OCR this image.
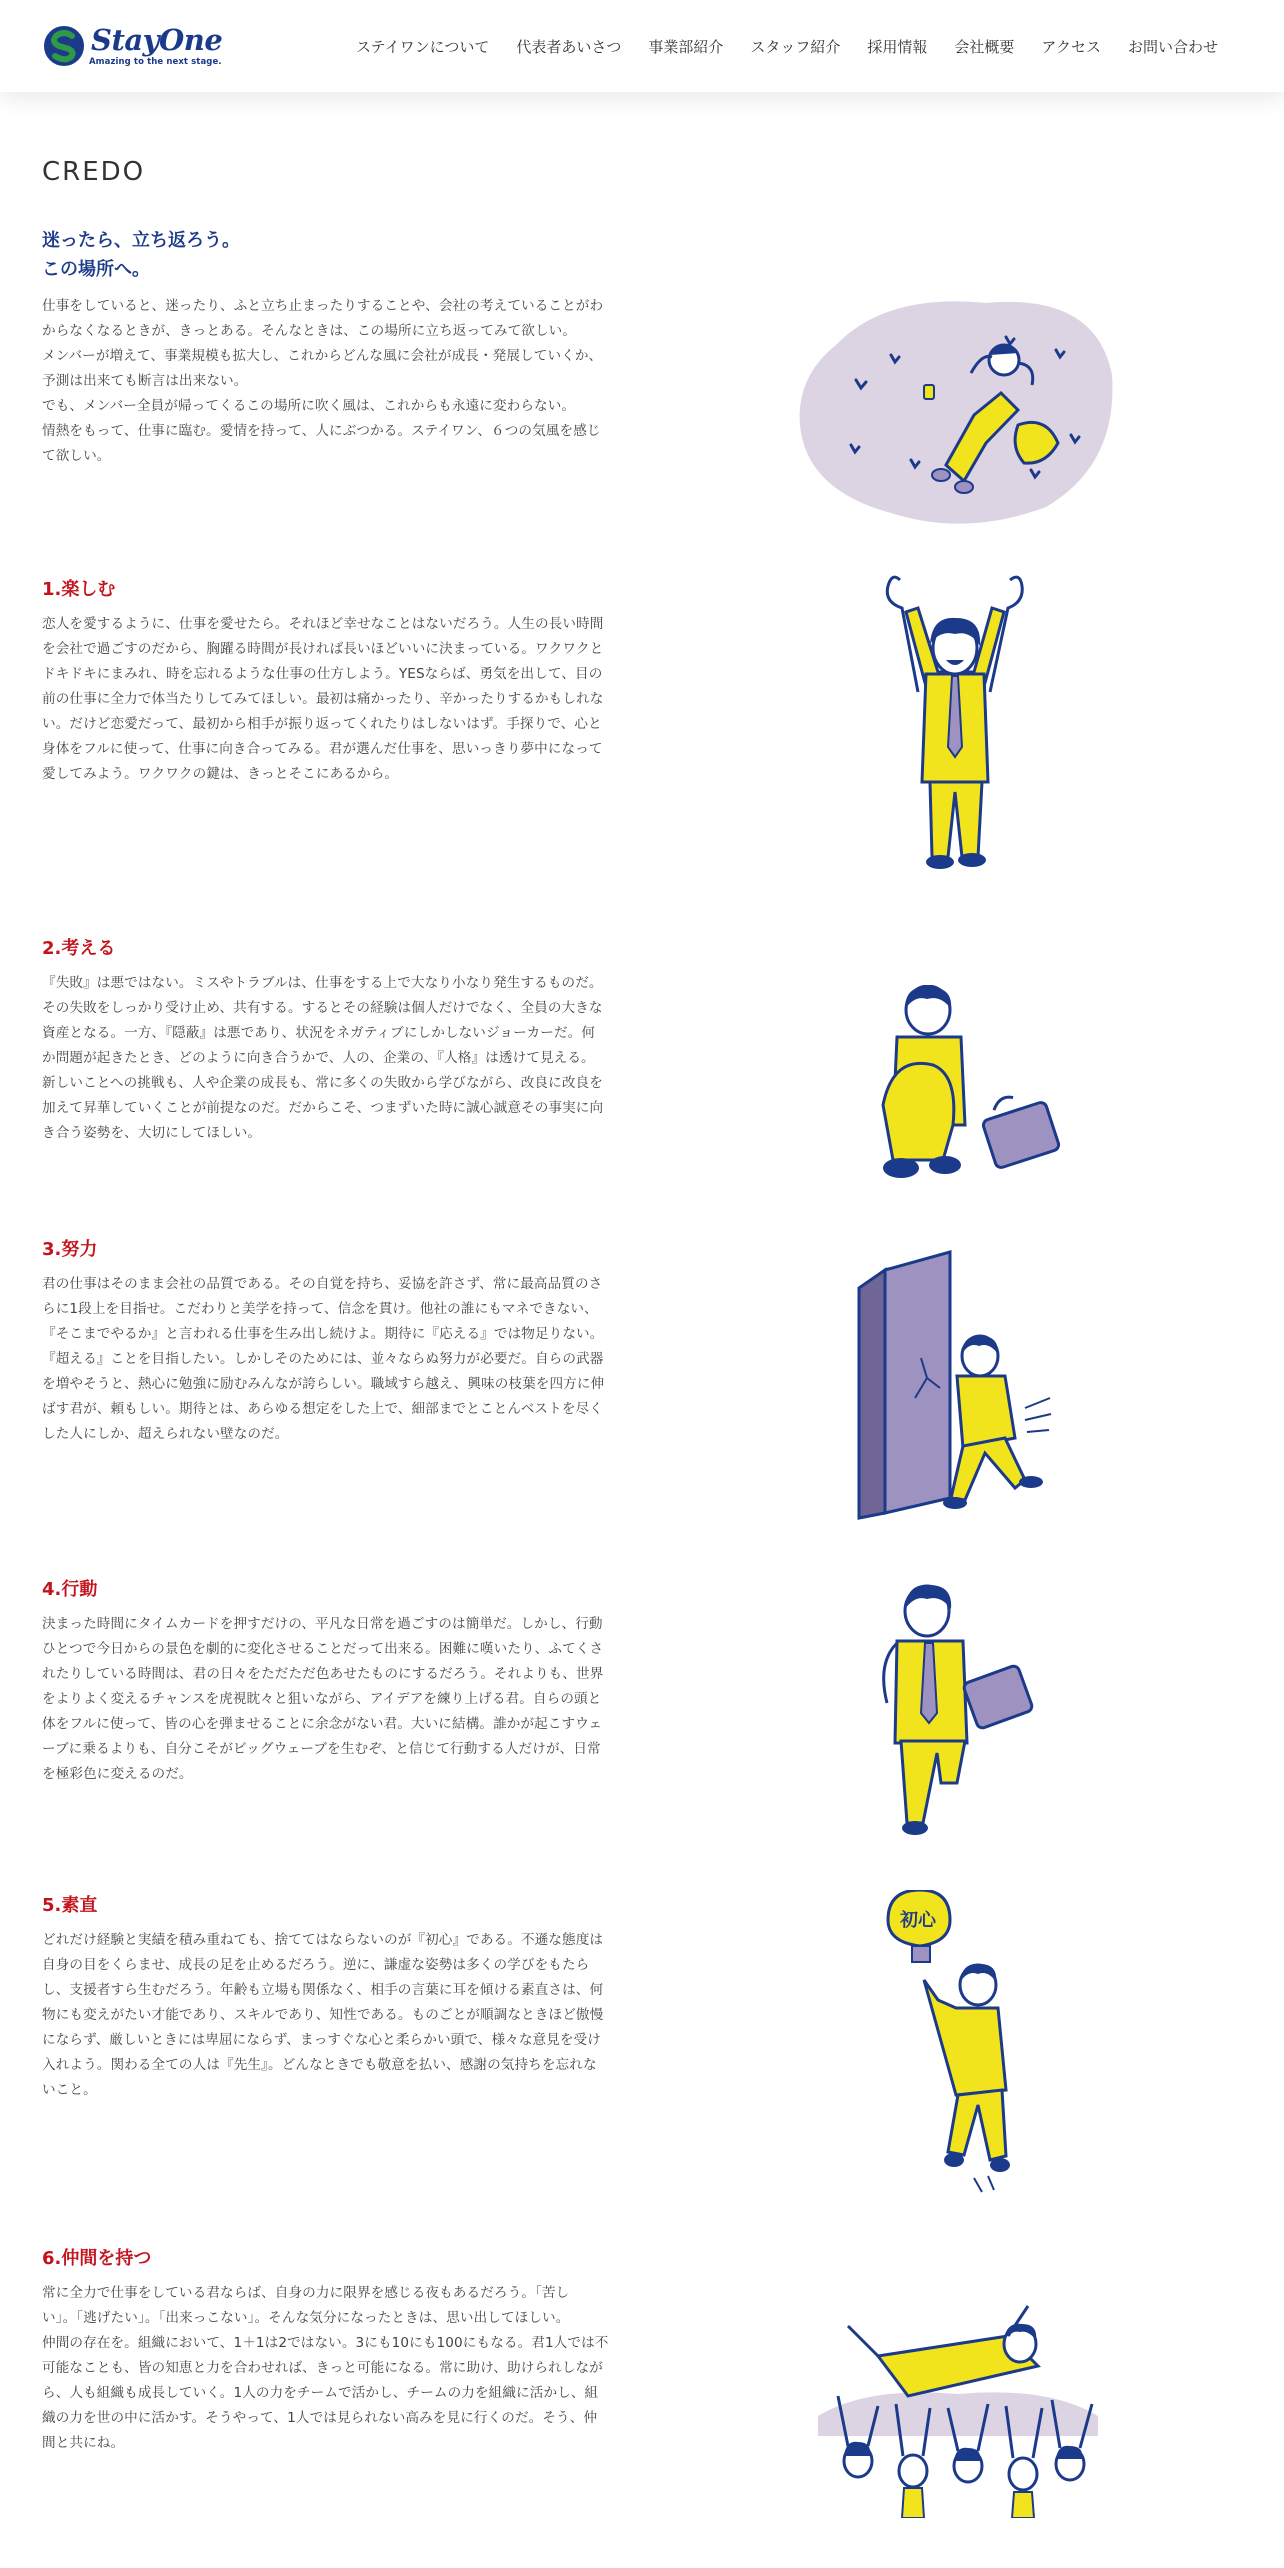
StayOne
Amazing to the next stage.
ステイワンについて 代表者あいさつ 事業部紹介 スタッフ紹介 採用情報 会社概要 アクセス お問い合わせ
CREDO
迷ったら、立ち返ろう。
この場所へ。

仕事をしていると、迷ったり、ふと立ち止まったりすることや、会社の考えていることがわ
からなくなるときが、きっとある。そんなときは、この場所に立ち返ってみて欲しい。
メンバーが増えて、事業規模も拡大し、これからどんな風に会社が成長・発展していくか、
予測は出来ても断言は出来ない。
でも、メンバー全員が帰ってくるこの場所に吹く風は、これからも永遠に変わらない。
情熱をもって、仕事に臨む。愛情を持って、人にぶつかる。ステイワン、６つの気風を感じ
て欲しい。

1.楽しむ

恋人を愛するように、仕事を愛せたら。それほど幸せなことはないだろう。人生の長い時間
を会社で過ごすのだから、胸躍る時間が長ければ長いほどいいに決まっている。ワクワクと
ドキドキにまみれ、時を忘れるような仕事の仕方しよう。YESならば、勇気を出して、目の
前の仕事に全力で体当たりしてみてほしい。最初は痛かったり、辛かったりするかもしれな
い。だけど恋愛だって、最初から相手が振り返ってくれたりはしないはず。手探りで、心と
身体をフルに使って、仕事に向き合ってみる。君が選んだ仕事を、思いっきり夢中になって
愛してみよう。ワクワクの鍵は、きっとそこにあるから。

2.考える

『失敗』は悪ではない。ミスやトラブルは、仕事をする上で大なり小なり発生するものだ。
その失敗をしっかり受け止め、共有する。するとその経験は個人だけでなく、全員の大きな
資産となる。一方、『隠蔽』は悪であり、状況をネガティブにしかしないジョーカーだ。何
か問題が起きたとき、どのように向き合うかで、人の、企業の、『人格』は透けて見える。
新しいことへの挑戦も、人や企業の成長も、常に多くの失敗から学びながら、改良に改良を
加えて昇華していくことが前提なのだ。だからこそ、つまずいた時に誠心誠意その事実に向
き合う姿勢を、大切にしてほしい。

3.努力

君の仕事はそのまま会社の品質である。その自覚を持ち、妥協を許さず、常に最高品質のさ
らに1段上を目指せ。こだわりと美学を持って、信念を貫け。他社の誰にもマネできない、
『そこまでやるか』と言われる仕事を生み出し続けよ。期待に『応える』では物足りない。
『超える』ことを目指したい。しかしそのためには、並々ならぬ努力が必要だ。自らの武器
を増やそうと、熱心に勉強に励むみんなが誇らしい。職域すら越え、興味の枝葉を四方に伸
ばす君が、頼もしい。期待とは、あらゆる想定をした上で、細部までとことんベストを尽く
した人にしか、超えられない壁なのだ。

4.行動

決まった時間にタイムカードを押すだけの、平凡な日常を過ごすのは簡単だ。しかし、行動
ひとつで今日からの景色を劇的に変化させることだって出来る。困難に嘆いたり、ふてくさ
れたりしている時間は、君の日々をただただ色あせたものにするだろう。それよりも、世界
をよりよく変えるチャンスを虎視眈々と狙いながら、アイデアを練り上げる君。自らの頭と
体をフルに使って、皆の心を弾ませることに余念がない君。大いに結構。誰かが起こすウェ
ーブに乗るよりも、自分こそがビッグウェーブを生むぞ、と信じて行動する人だけが、日常
を極彩色に変えるのだ。

5.素直

どれだけ経験と実績を積み重ねても、捨ててはならないのが『初心』である。不遜な態度は
自身の目をくらませ、成長の足を止めるだろう。逆に、謙虚な姿勢は多くの学びをもたら
し、支援者すら生むだろう。年齢も立場も関係なく、相手の言葉に耳を傾ける素直さは、何
物にも変えがたい才能であり、スキルであり、知性である。ものごとが順調なときほど傲慢
にならず、厳しいときには卑屈にならず、まっすぐな心と柔らかい頭で、様々な意見を受け
入れよう。関わる全ての人は『先生』。どんなときでも敬意を払い、感謝の気持ちを忘れな
いこと。

初心
6.仲間を持つ

常に全力で仕事をしている君ならば、自身の力に限界を感じる夜もあるだろう。「苦し
い」。「逃げたい」。「出来っこない」。そんな気分になったときは、思い出してほしい。
仲間の存在を。組織において、1＋1は2ではない。3にも10にも100にもなる。君1人では不
可能なことも、皆の知恵と力を合わせれば、きっと可能になる。常に助け、助けられしなが
ら、人も組織も成長していく。1人の力をチームで活かし、チームの力を組織に活かし、組
織の力を世の中に活かす。そうやって、1人では見られない高みを見に行くのだ。そう、仲
間と共にね。
